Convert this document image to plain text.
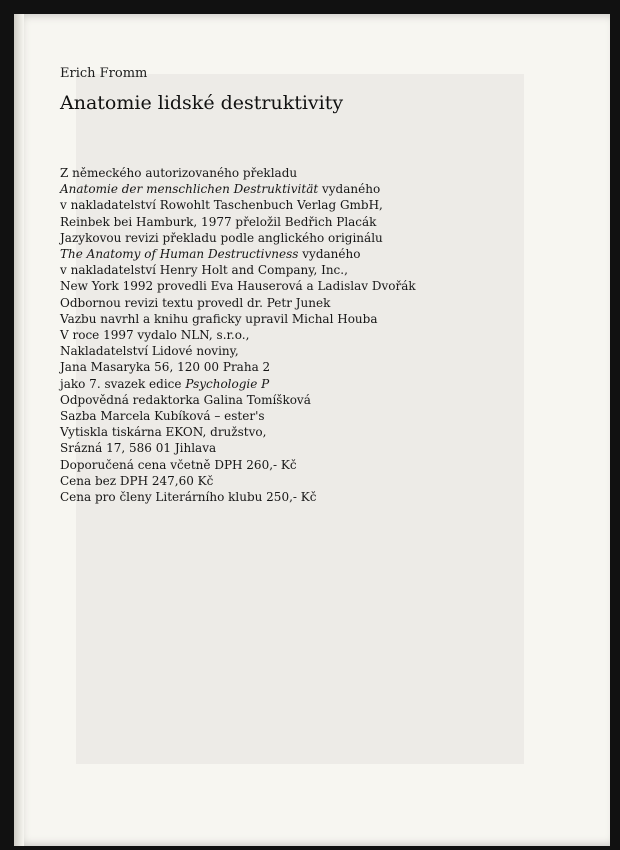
Erich Fromm
Anatomie lidské destruktivity
Z německého autorizovaného překladu
Anatomie der menschlichen Destruktivität vydaného
v nakladatelství Rowohlt Taschenbuch Verlag GmbH,
Reinbek bei Hamburk, 1977 přeložil Bedřich Placák
Jazykovou revizi překladu podle anglického originálu
The Anatomy of Human Destructivness vydaného
v nakladatelství Henry Holt and Company, Inc.,
New York 1992 provedli Eva Hauserová a Ladislav Dvořák
Odbornou revizi textu provedl dr. Petr Junek
Vazbu navrhl a knihu graficky upravil Michal Houba
V roce 1997 vydalo NLN, s.r.o.,
Nakladatelství Lidové noviny,
Jana Masaryka 56, 120 00 Praha 2
jako 7. svazek edice Psychologie P
Odpovědná redaktorka Galina Tomíšková
Sazba Marcela Kubíková – ester's
Vytiskla tiskárna EKON, družstvo,
Srázná 17, 586 01 Jihlava
Doporučená cena včetně DPH 260,- Kč
Cena bez DPH 247,60 Kč
Cena pro členy Literárního klubu 250,- Kč
